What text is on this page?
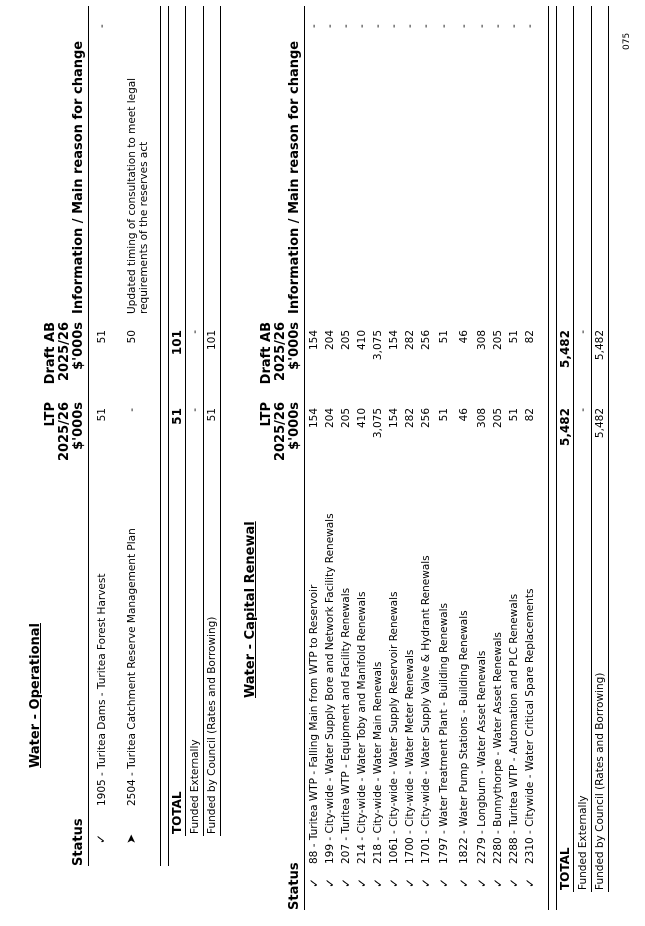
Water - Operational
Status
LTP 2025/26 $'000s
Draft AB 2025/26 $'000s
Information / Main reason for change
✓
1905 - Turitea Dams - Turitea Forest Harvest
51
51
-
➤
2504 - Turitea Catchment Reserve Management Plan
-
50
Updated timing of consultation to meet legal requirements of the reserves act
TOTAL
51
101
Funded Externally
-
-
Funded by Council (Rates and Borrowing)
51
101
Water - Capital Renewal
Status
LTP 2025/26 $'000s
Draft AB 2025/26 $'000s
Information / Main reason for change
✓
88 - Turitea WTP - Falling Main from WTP to Reservoir
154
154
-
✓
199 - City-wide - Water Supply Bore and Network Facility Renewals
204
204
-
✓
207 - Turitea WTP - Equipment and Facility Renewals
205
205
-
✓
214 - City-wide - Water Toby and Manifold Renewals
410
410
-
✓
218 - City-wide - Water Main Renewals
3,075
3,075
-
✓
1061 - City-wide - Water Supply Reservoir Renewals
154
154
-
✓
1700 - City-wide - Water Meter Renewals
282
282
-
✓
1701 - City-wide - Water Supply Valve & Hydrant Renewals
256
256
-
✓
1797 - Water Treatment Plant - Building Renewals
51
51
-
✓
1822 - Water Pump Stations - Building Renewals
46
46
-
✓
2279 - Longburn - Water Asset Renewals
308
308
-
✓
2280 - Bunnythorpe - Water Asset Renewals
205
205
-
✓
2288 - Turitea WTP - Automation and PLC Renewals
51
51
-
✓
2310 - Citywide - Water Critical Spare Replacements
82
82
-
TOTAL
5,482
5,482
Funded Externally
-
-
Funded by Council (Rates and Borrowing)
5,482
5,482
075
